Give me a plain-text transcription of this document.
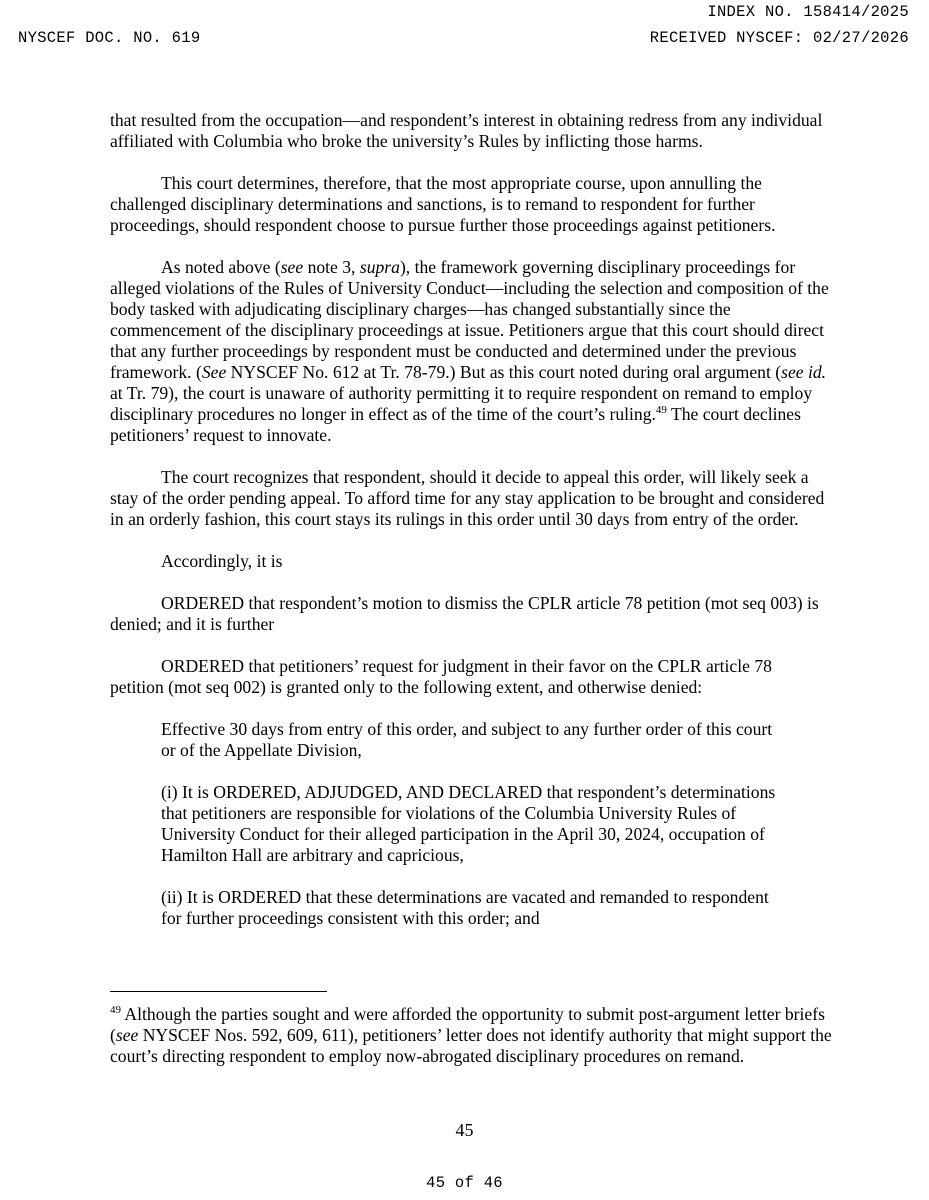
INDEX NO. 158414/2025
NYSCEF DOC. NO. 619	RECEIVED NYSCEF: 02/27/2026

that resulted from the occupation—and respondent’s interest in obtaining redress from any individual affiliated with Columbia who broke the university’s Rules by inflicting those harms.

This court determines, therefore, that the most appropriate course, upon annulling the challenged disciplinary determinations and sanctions, is to remand to respondent for further proceedings, should respondent choose to pursue further those proceedings against petitioners.

As noted above (see note 3, supra), the framework governing disciplinary proceedings for alleged violations of the Rules of University Conduct—including the selection and composition of the body tasked with adjudicating disciplinary charges—has changed substantially since the commencement of the disciplinary proceedings at issue. Petitioners argue that this court should direct that any further proceedings by respondent must be conducted and determined under the previous framework. (See NYSCEF No. 612 at Tr. 78-79.) But as this court noted during oral argument (see id. at Tr. 79), the court is unaware of authority permitting it to require respondent on remand to employ disciplinary procedures no longer in effect as of the time of the court’s ruling.$^{49}$ The court declines petitioners’ request to innovate.

The court recognizes that respondent, should it decide to appeal this order, will likely seek a stay of the order pending appeal. To afford time for any stay application to be brought and considered in an orderly fashion, this court stays its rulings in this order until 30 days from entry of the order.

Accordingly, it is

ORDERED that respondent’s motion to dismiss the CPLR article 78 petition (mot seq 003) is denied; and it is further

ORDERED that petitioners’ request for judgment in their favor on the CPLR article 78 petition (mot seq 002) is granted only to the following extent, and otherwise denied:

Effective 30 days from entry of this order, and subject to any further order of this court or of the Appellate Division,

(i) It is ORDERED, ADJUDGED, AND DECLARED that respondent’s determinations that petitioners are responsible for violations of the Columbia University Rules of University Conduct for their alleged participation in the April 30, 2024, occupation of Hamilton Hall are arbitrary and capricious,

(ii) It is ORDERED that these determinations are vacated and remanded to respondent for further proceedings consistent with this order; and

$^{49}$ Although the parties sought and were afforded the opportunity to submit post-argument letter briefs (see NYSCEF Nos. 592, 609, 611), petitioners’ letter does not identify authority that might support the court’s directing respondent to employ now-abrogated disciplinary procedures on remand.

45
45 of 46
